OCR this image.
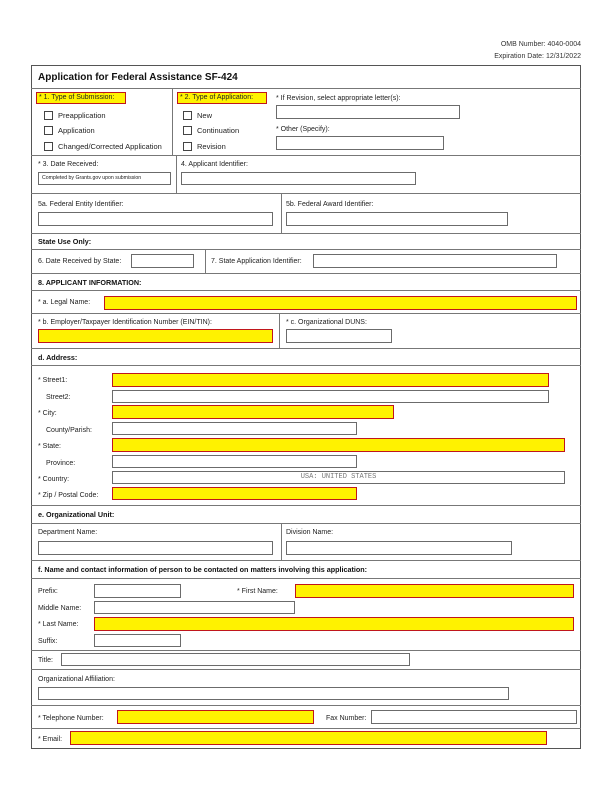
OMB Number: 4040-0004
Expiration Date: 12/31/2022
Application for Federal Assistance SF-424
* 1. Type of Submission:
Preapplication
Application
Changed/Corrected Application
* 2. Type of Application:
New
Continuation
Revision
* If Revision, select appropriate letter(s):
* Other (Specify):
* 3. Date Received:
Completed by Grants.gov upon submission
4. Applicant Identifier:
5a. Federal Entity Identifier:	5b. Federal Award Identifier:
State Use Only:
6. Date Received by State:	7. State Application Identifier:
8. APPLICANT INFORMATION:
* a. Legal Name:
* b. Employer/Taxpayer Identification Number (EIN/TIN):	* c. Organizational DUNS:
d. Address:
* Street1:
Street2:
* City:
County/Parish:
* State:
Province:
* Country:	USA: UNITED STATES
* Zip / Postal Code:
e. Organizational Unit:
Department Name:	Division Name:
f. Name and contact information of person to be contacted on matters involving this application:
Prefix:	* First Name:
Middle Name:
* Last Name:
Suffix:
Title:
Organizational Affiliation:
* Telephone Number:	Fax Number:
* Email:
